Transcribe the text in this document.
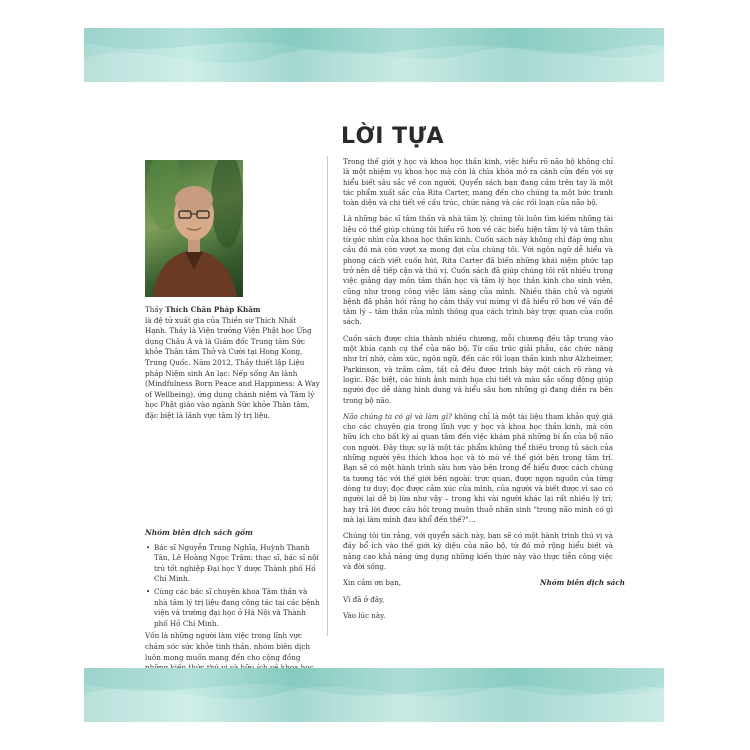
LỜI TỰA

Thầy Thích Chân Pháp Khâm

là đệ tử xuất gia của Thiền sư Thích Nhất Hạnh. Thầy là Viện trưởng Viện Phật học Ứng dụng Châu Á và là Giám đốc Trung tâm Sức khỏe Thân tâm Thở và Cười tại Hong Kong, Trung Quốc. Năm 2012, Thầy thiết lập Liệu pháp Niệm sinh An lạc: Nếp sống An lành (Mindfulness Born Peace and Happiness: A Way of Wellbeing), ứng dụng chánh niệm và Tâm lý học Phật giáo vào ngành Sức khỏe Thân tâm, đặc biệt là lãnh vực tâm lý trị liệu.

Nhóm biên dịch sách gồm
• Bác sĩ Nguyễn Trung Nghĩa, Huỳnh Thanh Tân, Lê Hoàng Ngọc Trâm: thạc sĩ, bác sĩ nội trú tốt nghiệp Đại học Y dược Thành phố Hồ Chí Minh.
• Cùng các bác sĩ chuyên khoa Tâm thần và nhà tâm lý trị liệu đang công tác tại các bệnh viện và trường đại học ở Hà Nội và Thành phố Hồ Chí Minh.

Vốn là những người làm việc trong lĩnh vực chăm sóc sức khỏe tinh thần, nhóm biên dịch luôn mong muốn mang đến cho cộng đồng

Trong thế giới y học và khoa học thần kinh, việc hiểu rõ não bộ không chỉ là một nhiệm vụ khoa học mà còn là chìa khóa mở ra cánh cửa đến với sự hiểu biết sâu sắc về con người. Quyển sách bạn đang cầm trên tay là một tác phẩm xuất sắc của Rita Carter, mang đến cho chúng ta một bức tranh toàn diện và chi tiết về cấu trúc, chức năng và các rối loạn của não bộ.

Là những bác sĩ tâm thần và nhà tâm lý, chúng tôi luôn tìm kiếm những tài liệu có thể giúp chúng tôi hiểu rõ hơn về các biểu hiện tâm lý và tâm thần từ góc nhìn của khoa học thần kinh. Cuốn sách này không chỉ đáp ứng nhu cầu đó mà còn vượt xa mong đợi của chúng tôi. Với ngôn ngữ dễ hiểu và phong cách viết cuốn hút, Rita Carter đã biến những khái niệm phức tạp trở nên dễ tiếp cận và thú vị. Cuốn sách đã giúp chúng tôi rất nhiều trong việc giảng dạy môn tâm thần học và tâm lý học thần kinh cho sinh viên, cũng như trong công việc lâm sàng của mình. Nhiều thân chủ và người bệnh đã phản hồi rằng họ cảm thấy vui mừng vì đã hiểu rõ hơn về vấn đề tâm lý – tâm thần của mình thông qua cách trình bày trực quan của cuốn sách.

Cuốn sách được chia thành nhiều chương, mỗi chương đều tập trung vào một khía cạnh cụ thể của não bộ. Từ cấu trúc giải phẫu, các chức năng như trí nhớ, cảm xúc, ngôn ngữ, đến các rối loạn thần kinh như Alzheimer, Parkinson, và trầm cảm, tất cả đều được trình bày một cách rõ ràng và logic. Đặc biệt, các hình ảnh minh họa chi tiết và màu sắc sống động giúp người đọc dễ dàng hình dung và hiểu sâu hơn những gì đang diễn ra bên trong bộ não.

Não chúng ta có gì và làm gì? không chỉ là một tài liệu tham khảo quý giá cho các chuyên gia trong lĩnh vực y học và khoa học thần kinh, mà còn hữu ích cho bất kỳ ai quan tâm đến việc khám phá những bí ẩn của bộ não con người. Đây thực sự là một tác phẩm không thể thiếu trong tủ sách của những người yêu thích khoa học và tò mò về thế giới bên trong tâm trí. Bạn sẽ có một hành trình sâu hơn vào bên trong để hiểu được cách chúng ta tương tác với thế giới bên ngoài: trực quan, được ngọn nguồn của từng dòng tư duy; đọc được cảm xúc của mình, của người và biết được vì sao có người lại dễ bị lừa như vậy – trong khi vài người khác lại rất nhiều lý trí; hay trả lời được câu hỏi trong muôn thuở nhân sinh "trong não mình có gì mà lại làm mình đau khổ đến thế?"...

Chúng tôi tin rằng, với quyển sách này, bạn sẽ có một hành trình thú vị và đầy bổ ích vào thế giới kỳ diệu của não bộ, từ đó mở rộng hiểu biết và nâng cao khả năng ứng dụng những kiến thức này vào thực tiễn công việc và đời sống.

Xin cảm ơn bạn,

Vì đã ở đây,

Vào lúc này.

Nhóm biên dịch sách
